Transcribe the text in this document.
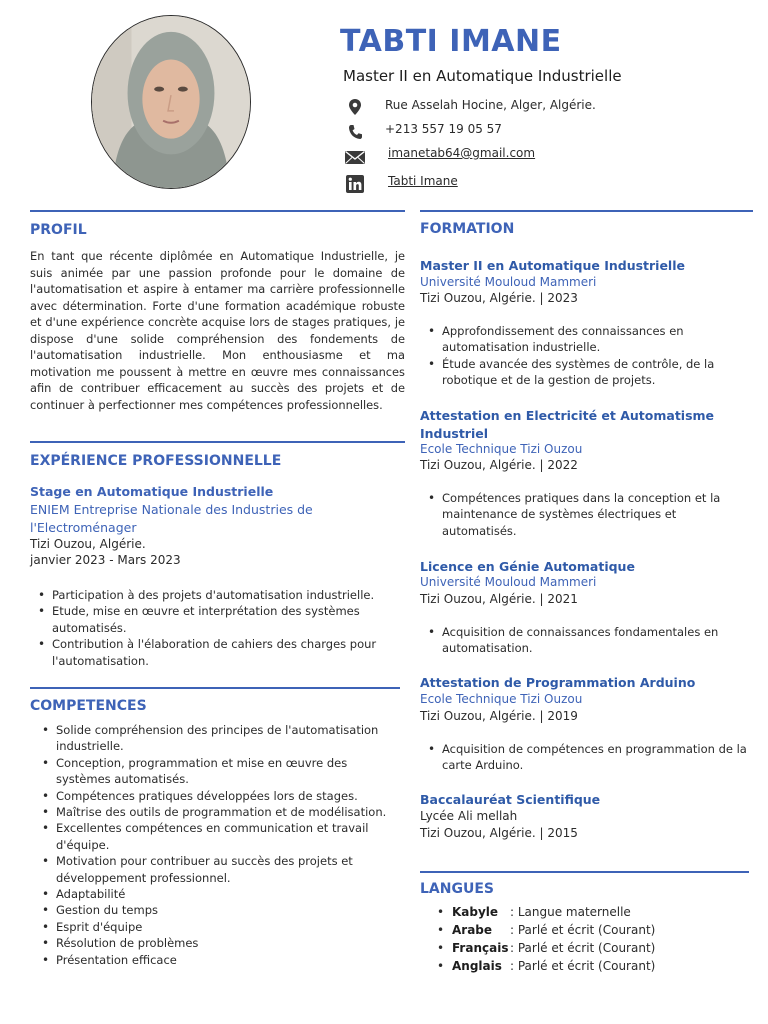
TABTI IMANE
Master II en Automatique Industrielle
Rue Asselah Hocine, Alger, Algérie.
+213 557 19 05 57
imanetab64@gmail.com
Tabti Imane
PROFIL
En tant que récente diplômée en Automatique Industrielle, je suis animée par une passion profonde pour le domaine de l'automatisation et aspire à entamer ma carrière professionnelle avec détermination. Forte d'une formation académique robuste et d'une expérience concrète acquise lors de stages pratiques, je dispose d'une solide compréhension des fondements de l'automatisation industrielle. Mon enthousiasme et ma motivation me poussent à mettre en œuvre mes connaissances afin de contribuer efficacement au succès des projets et de continuer à perfectionner mes compétences professionnelles.
EXPÉRIENCE PROFESSIONNELLE
Stage en Automatique Industrielle
ENIEM Entreprise Nationale des Industries de l'Electroménager
Tizi Ouzou, Algérie.
janvier 2023 - Mars 2023
• Participation à des projets d'automatisation industrielle.
• Etude, mise en œuvre et interprétation des systèmes automatisés.
• Contribution à l'élaboration de cahiers des charges pour l'automatisation.
COMPETENCES
• Solide compréhension des principes de l'automatisation industrielle.
• Conception, programmation et mise en œuvre des systèmes automatisés.
• Compétences pratiques développées lors de stages.
• Maîtrise des outils de programmation et de modélisation.
• Excellentes compétences en communication et travail d'équipe.
• Motivation pour contribuer au succès des projets et développement professionnel.
• Adaptabilité
• Gestion du temps
• Esprit d'équipe
• Résolution de problèmes
• Présentation efficace
FORMATION
Master II en Automatique Industrielle
Université Mouloud Mammeri
Tizi Ouzou, Algérie. | 2023
• Approfondissement des connaissances en automatisation industrielle.
• Étude avancée des systèmes de contrôle, de la robotique et de la gestion de projets.
Attestation en Electricité et Automatisme Industriel
Ecole Technique Tizi Ouzou
Tizi Ouzou, Algérie. | 2022
• Compétences pratiques dans la conception et la maintenance de systèmes électriques et automatisés.
Licence en Génie Automatique
Université Mouloud Mammeri
Tizi Ouzou, Algérie. | 2021
• Acquisition de connaissances fondamentales en automatisation.
Attestation de Programmation Arduino
Ecole Technique Tizi Ouzou
Tizi Ouzou, Algérie. | 2019
• Acquisition de compétences en programmation de la carte Arduino.
Baccalauréat Scientifique
Lycée Ali mellah
Tizi Ouzou, Algérie. | 2015
LANGUES
• Kabyle : Langue maternelle
• Arabe : Parlé et écrit (Courant)
• Français : Parlé et écrit (Courant)
• Anglais : Parlé et écrit (Courant)
